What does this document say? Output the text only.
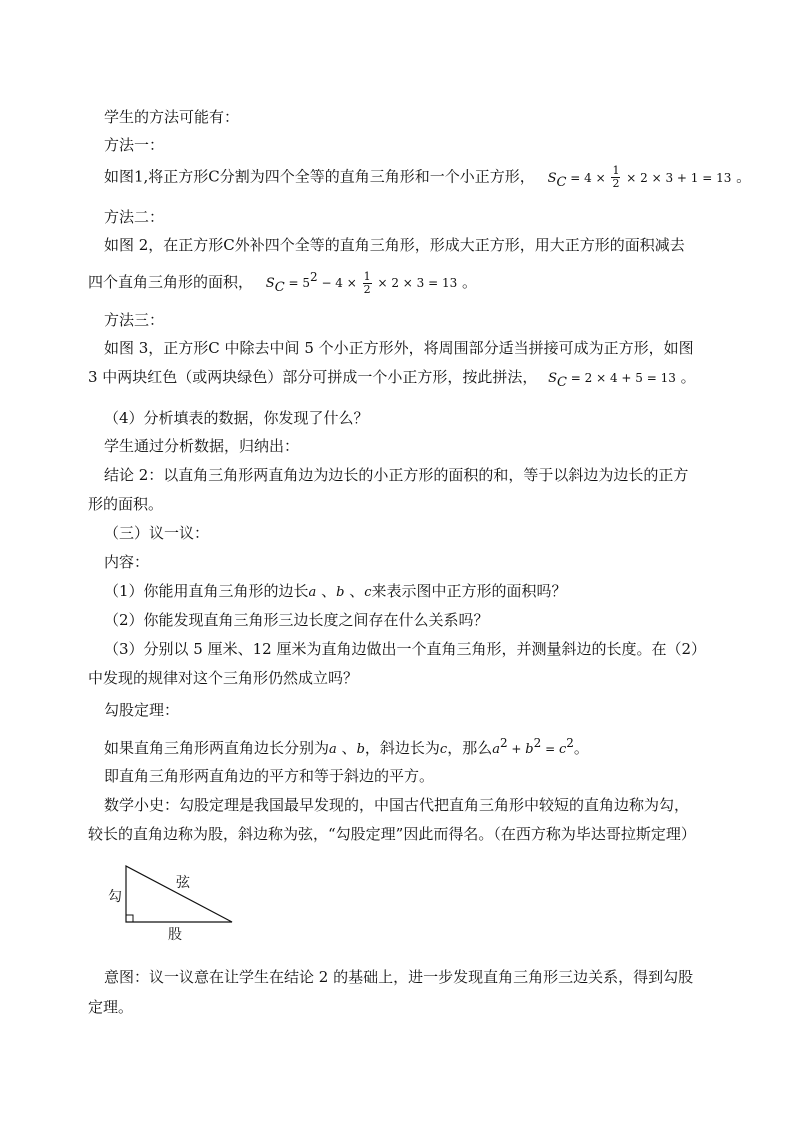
学生的方法可能有：
方法一：
如图1,将正方形C分割为四个全等的直角三角形和一个小正方形， $S_C = 4 \times \frac{1}{2} \times 2 \times 3 + 1 = 13$ 。
方法二：
如图 2，在正方形C外补四个全等的直角三角形，形成大正方形，用大正方形的面积减去
四个直角三角形的面积， $S_C = 5^2 - 4 \times \frac{1}{2} \times 2 \times 3 = 13$ 。
方法三：
如图 3，正方形C 中除去中间 5 个小正方形外，将周围部分适当拼接可成为正方形，如图
3 中两块红色（或两块绿色）部分可拼成一个小正方形，按此拼法， $S_C = 2 \times 4 + 5 = 13$ 。
（4）分析填表的数据，你发现了什么？
学生通过分析数据，归纳出：
结论 2：以直角三角形两直角边为边长的小正方形的面积的和，等于以斜边为边长的正方
形的面积。
（三）议一议：
内容：
（1）你能用直角三角形的边长a 、b 、c来表示图中正方形的面积吗？
（2）你能发现直角三角形三边长度之间存在什么关系吗？
（3）分别以 5 厘米、12 厘米为直角边做出一个直角三角形，并测量斜边的长度。在（2）
中发现的规律对这个三角形仍然成立吗？
勾股定理：
如果直角三角形两直角边长分别为a 、b，斜边长为c，那么$a^2 + b^2 = c^2$。
即直角三角形两直角边的平方和等于斜边的平方。
数学小史：勾股定理是我国最早发现的，中国古代把直角三角形中较短的直角边称为勾，
较长的直角边称为股，斜边称为弦，“勾股定理”因此而得名。（在西方称为毕达哥拉斯定理）
勾
弦
股
意图：议一议意在让学生在结论 2 的基础上，进一步发现直角三角形三边关系，得到勾股
定理。
